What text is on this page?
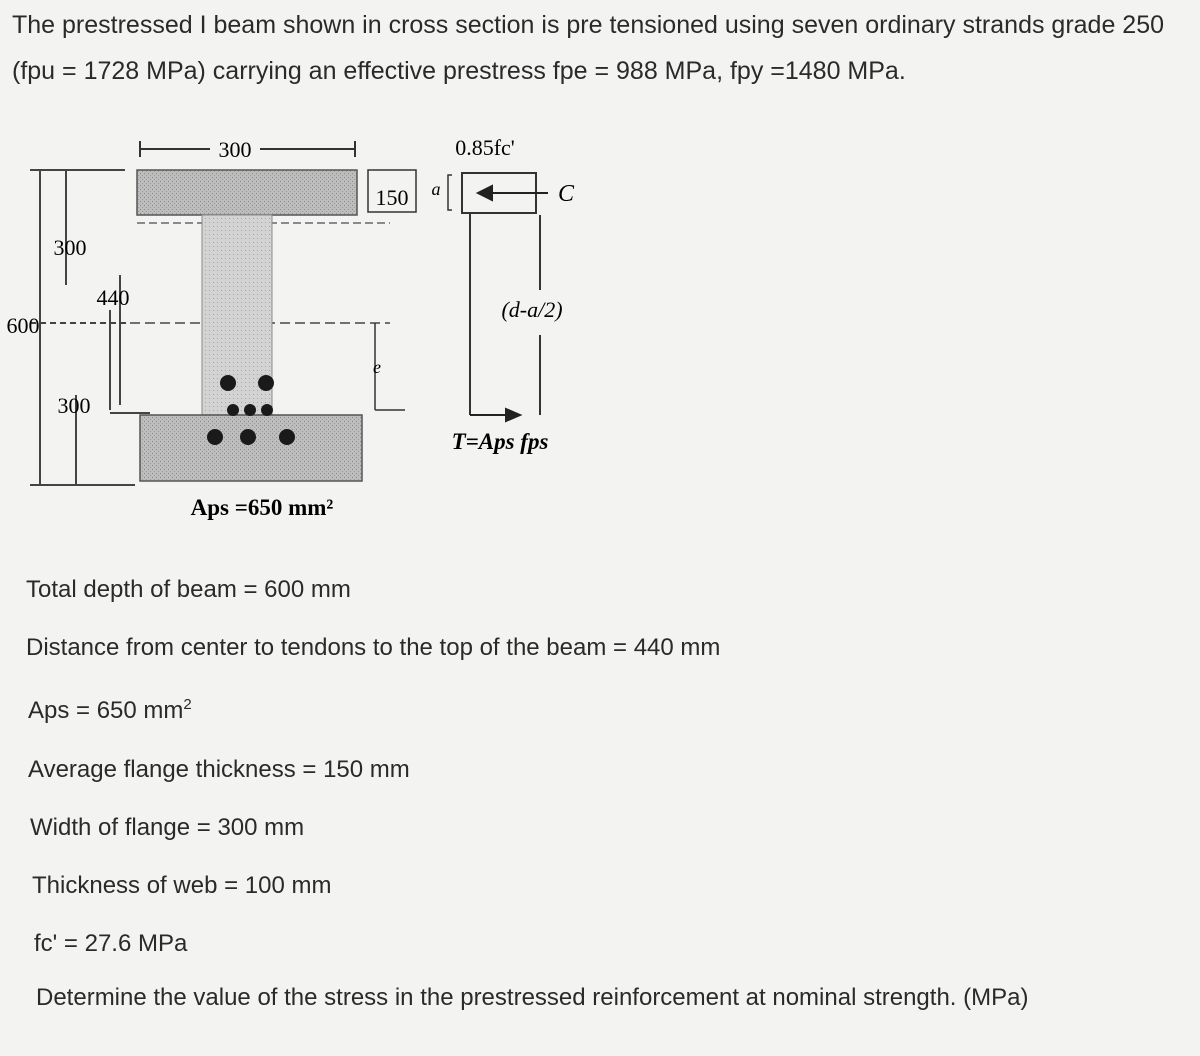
The prestressed I beam shown in cross section is pre tensioned using seven ordinary strands grade 250 (fpu = 1728 MPa) carrying an effective prestress fpe = 988 MPa, fpy =1480 MPa.

300
300
440
600
300
e
150 a
0.85fc'
C
(d-a/2)
T=Aps fps
Aps =650 mm²

Total depth of beam = 600 mm

Distance from center to tendons to the top of the beam = 440 mm

Aps = 650 $mm^2$

Average flange thickness = 150 mm

Width of flange = 300 mm

Thickness of web = 100 mm

fc' = 27.6 MPa

Determine the value of the stress in the prestressed reinforcement at nominal strength. (MPa)
